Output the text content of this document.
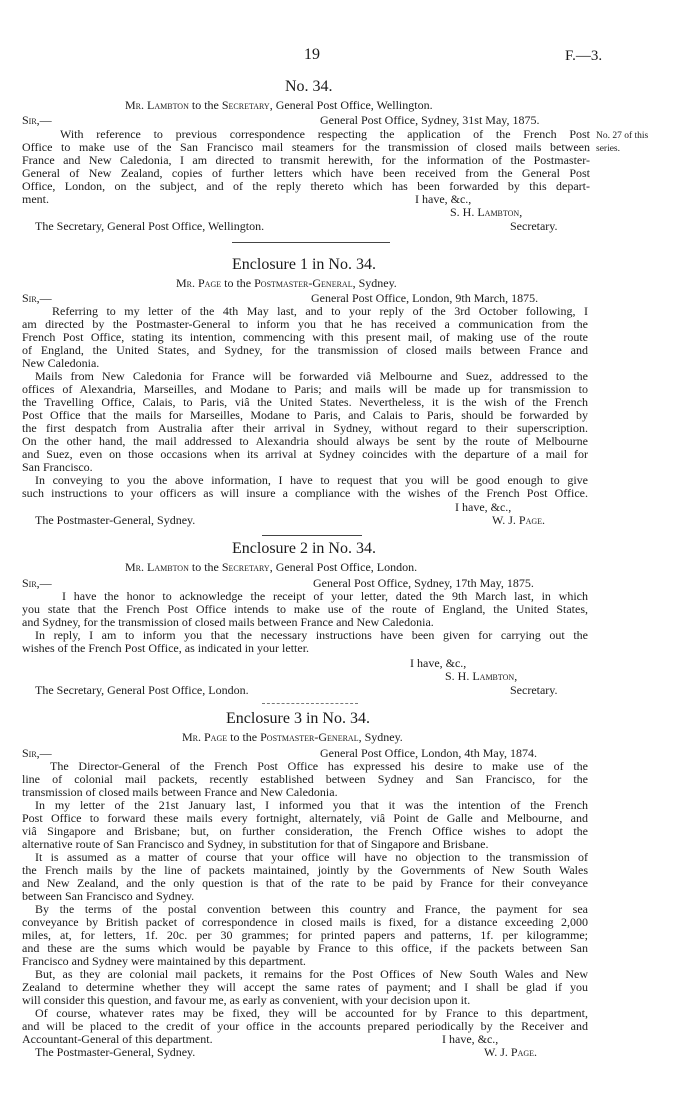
19	F.—3.
No. 34.
Mr. Lambton to the Secretary, General Post Office, Wellington.
Sir,—	General Post Office, Sydney, 31st May, 1875.
With reference to previous correspondence respecting the application of the French Post
Office to make use of the San Francisco mail steamers for the transmission of closed mails between
France and New Caledonia, I am directed to transmit herewith, for the information of the Postmaster-
General of New Zealand, copies of further letters which have been received from the General Post
Office, London, on the subject, and of the reply thereto which has been forwarded by this depart-
ment.
No. 27 of this
series.
I have, &c.,
S. H. Lambton,
Secretary.
The Secretary, General Post Office, Wellington.
Enclosure 1 in No. 34.
Mr. Page to the Postmaster-General, Sydney.
Sir,—	General Post Office, London, 9th March, 1875.
Referring to my letter of the 4th May last, and to your reply of the 3rd October following, I
am directed by the Postmaster-General to inform you that he has received a communication from the
French Post Office, stating its intention, commencing with this present mail, of making use of the route
of England, the United States, and Sydney, for the transmission of closed mails between France and
New Caledonia.
Mails from New Caledonia for France will be forwarded viâ Melbourne and Suez, addressed to the
offices of Alexandria, Marseilles, and Modane to Paris; and mails will be made up for transmission to
the Travelling Office, Calais, to Paris, viâ the United States. Nevertheless, it is the wish of the French
Post Office that the mails for Marseilles, Modane to Paris, and Calais to Paris, should be forwarded by
the first despatch from Australia after their arrival in Sydney, without regard to their superscription.
On the other hand, the mail addressed to Alexandria should always be sent by the route of Melbourne
and Suez, even on those occasions when its arrival at Sydney coincides with the departure of a mail for
San Francisco.
In conveying to you the above information, I have to request that you will be good enough to give
such instructions to your officers as will insure a compliance with the wishes of the French Post Office.
I have, &c.,
W. J. Page.
The Postmaster-General, Sydney.
Enclosure 2 in No. 34.
Mr. Lambton to the Secretary, General Post Office, London.
Sir,—	General Post Office, Sydney, 17th May, 1875.
I have the honor to acknowledge the receipt of your letter, dated the 9th March last, in which
you state that the French Post Office intends to make use of the route of England, the United States,
and Sydney, for the transmission of closed mails between France and New Caledonia.
In reply, I am to inform you that the necessary instructions have been given for carrying out the
wishes of the French Post Office, as indicated in your letter.
I have, &c.,
S. H. Lambton,
Secretary.
The Secretary, General Post Office, London.
Enclosure 3 in No. 34.
Mr. Page to the Postmaster-General, Sydney.
Sir,—	General Post Office, London, 4th May, 1874.
The Director-General of the French Post Office has expressed his desire to make use of the
line of colonial mail packets, recently established between Sydney and San Francisco, for the
transmission of closed mails between France and New Caledonia.
In my letter of the 21st January last, I informed you that it was the intention of the French
Post Office to forward these mails every fortnight, alternately, viâ Point de Galle and Melbourne, and
viâ Singapore and Brisbane; but, on further consideration, the French Office wishes to adopt the
alternative route of San Francisco and Sydney, in substitution for that of Singapore and Brisbane.
It is assumed as a matter of course that your office will have no objection to the transmission of
the French mails by the line of packets maintained, jointly by the Governments of New South Wales
and New Zealand, and the only question is that of the rate to be paid by France for their conveyance
between San Francisco and Sydney.
By the terms of the postal convention between this country and France, the payment for sea
conveyance by British packet of correspondence in closed mails is fixed, for a distance exceeding 2,000
miles, at, for letters, 1f. 20c. per 30 grammes; for printed papers and patterns, 1f. per kilogramme;
and these are the sums which would be payable by France to this office, if the packets between San
Francisco and Sydney were maintained by this department.
But, as they are colonial mail packets, it remains for the Post Offices of New South Wales and New
Zealand to determine whether they will accept the same rates of payment; and I shall be glad if you
will consider this question, and favour me, as early as convenient, with your decision upon it.
Of course, whatever rates may be fixed, they will be accounted for by France to this department,
and will be placed to the credit of your office in the accounts prepared periodically by the Receiver and
Accountant-General of this department.	I have, &c.,
W. J. Page.
The Postmaster-General, Sydney.
